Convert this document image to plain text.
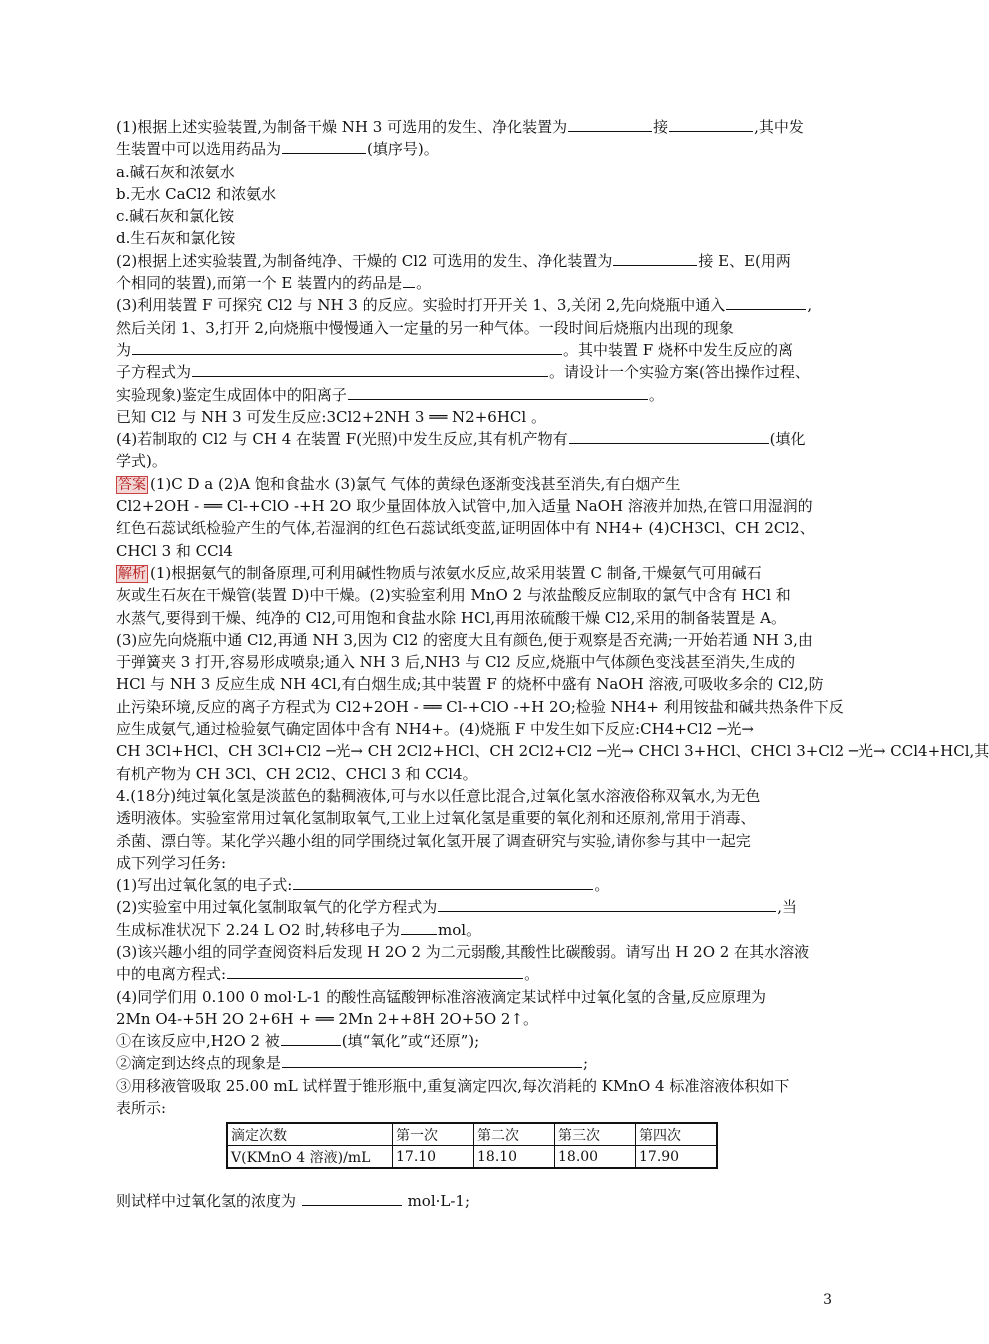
(1)根据上述实验装置,为制备干燥 NH 3 可选用的发生、净化装置为	接	,其中发
生装置中可以选用药品为	(填序号)。
a.碱石灰和浓氨水
b.无水 CaCl2 和浓氨水
c.碱石灰和氯化铵
d.生石灰和氯化铵
(2)根据上述实验装置,为制备纯净、干燥的 Cl2 可选用的发生、净化装置为	接 E、E(用两
个相同的装置),而第一个 E 装置内的药品是 。
(3)利用装置 F 可探究 Cl2 与 NH 3 的反应。实验时打开开关 1、3,关闭 2,先向烧瓶中通入	,
然后关闭 1、3,打开 2,向烧瓶中慢慢通入一定量的另一种气体。一段时间后烧瓶内出现的现象
为	。其中装置 F 烧杯中发生反应的离
子方程式为	。请设计一个实验方案(答出操作过程、
实验现象)鉴定生成固体中的阳离子	。
已知 Cl2 与 NH 3 可发生反应:3Cl2+2NH 3 ══ N2+6HCl 。
(4)若制取的 Cl2 与 CH 4 在装置 F(光照)中发生反应,其有机产物有	(填化
学式)。
答案 (1)C D a (2)A 饱和食盐水 (3)氯气 气体的黄绿色逐渐变浅甚至消失,有白烟产生
Cl2+2OH - ══ Cl-+ClO -+H 2O 取少量固体放入试管中,加入适量 NaOH 溶液并加热,在管口用湿润的
红色石蕊试纸检验产生的气体,若湿润的红色石蕊试纸变蓝,证明固体中有 NH4+ (4)CH3Cl、CH 2Cl2、
CHCl 3 和 CCl4
解析 (1)根据氨气的制备原理,可利用碱性物质与浓氨水反应,故采用装置 C 制备,干燥氨气可用碱石
灰或生石灰在干燥管(装置 D)中干燥。(2)实验室利用 MnO 2 与浓盐酸反应制取的氯气中含有 HCl 和
水蒸气,要得到干燥、纯净的 Cl2,可用饱和食盐水除 HCl,再用浓硫酸干燥 Cl2,采用的制备装置是 A。
(3)应先向烧瓶中通 Cl2,再通 NH 3,因为 Cl2 的密度大且有颜色,便于观察是否充满;一开始若通 NH 3,由
于弹簧夹 3 打开,容易形成喷泉;通入 NH 3 后,NH3 与 Cl2 反应,烧瓶中气体颜色变浅甚至消失,生成的
HCl 与 NH 3 反应生成 NH 4Cl,有白烟生成;其中装置 F 的烧杯中盛有 NaOH 溶液,可吸收多余的 Cl2,防
止污染环境,反应的离子方程式为 Cl2+2OH - ══ Cl-+ClO -+H 2O;检验 NH4+ 利用铵盐和碱共热条件下反
应生成氨气,通过检验氨气确定固体中含有 NH4+。(4)烧瓶 F 中发生如下反应:CH4+Cl2 ─光→
CH 3Cl+HCl、CH 3Cl+Cl2 ─光→ CH 2Cl2+HCl、CH 2Cl2+Cl2 ─光→ CHCl 3+HCl、CHCl 3+Cl2 ─光→ CCl4+HCl,其
有机产物为 CH 3Cl、CH 2Cl2、CHCl 3 和 CCl4。
4.(18分)纯过氧化氢是淡蓝色的黏稠液体,可与水以任意比混合,过氧化氢水溶液俗称双氧水,为无色
透明液体。实验室常用过氧化氢制取氧气,工业上过氧化氢是重要的氧化剂和还原剂,常用于消毒、
杀菌、漂白等。某化学兴趣小组的同学围绕过氧化氢开展了调查研究与实验,请你参与其中一起完
成下列学习任务:
(1)写出过氧化氢的电子式:	。
(2)实验室中用过氧化氢制取氧气的化学方程式为	,当
生成标准状况下 2.24 L O2 时,转移电子为	mol。
(3)该兴趣小组的同学查阅资料后发现 H 2O 2 为二元弱酸,其酸性比碳酸弱。请写出 H 2O 2 在其水溶液
中的电离方程式:	。
(4)同学们用 0.100 0 mol·L-1 的酸性高锰酸钾标准溶液滴定某试样中过氧化氢的含量,反应原理为
2Mn O4-+5H 2O 2+6H + ══ 2Mn 2++8H 2O+5O 2↑。
①在该反应中,H2O 2 被	(填“氧化”或“还原”);
②滴定到达终点的现象是	;
③用移液管吸取 25.00 mL 试样置于锥形瓶中,重复滴定四次,每次消耗的 KMnO 4 标准溶液体积如下
表所示:
滴定次数	第一次	第二次	第三次	第四次
V(KMnO 4 溶液)/mL	17.10	18.10	18.00	17.90
则试样中过氧化氢的浓度为	mol·L-1;
3
